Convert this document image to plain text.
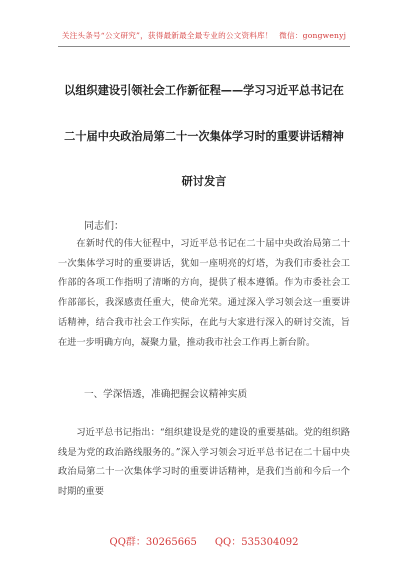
关注头条号“公文研究”，获得最新最全最专业的公文资料库！ 微信：gongwenyj
以组织建设引领社会工作新征程——学习习近平总书记在
二十届中央政治局第二十一次集体学习时的重要讲话精神
研讨发言
同志们：

在新时代的伟大征程中，习近平总书记在二十届中央政治局第二十一次集体学习时的重要讲话，犹如一座明亮的灯塔，为我们市委社会工作部的各项工作指明了清晰的方向，提供了根本遵循。作为市委社会工作部部长，我深感责任重大，使命光荣。通过深入学习领会这一重要讲话精神，结合我市社会工作实际，在此与大家进行深入的研讨交流，旨在进一步明确方向，凝聚力量，推动我市社会工作再上新台阶。

一、学深悟透，准确把握会议精神实质

习近平总书记指出：“组织建设是党的建设的重要基础。党的组织路线是为党的政治路线服务的。”深入学习领会习近平总书记在二十届中央政治局第二十一次集体学习时的重要讲话精神，是我们当前和今后一个时期的重要

QQ群：30265665 QQ：535304092
